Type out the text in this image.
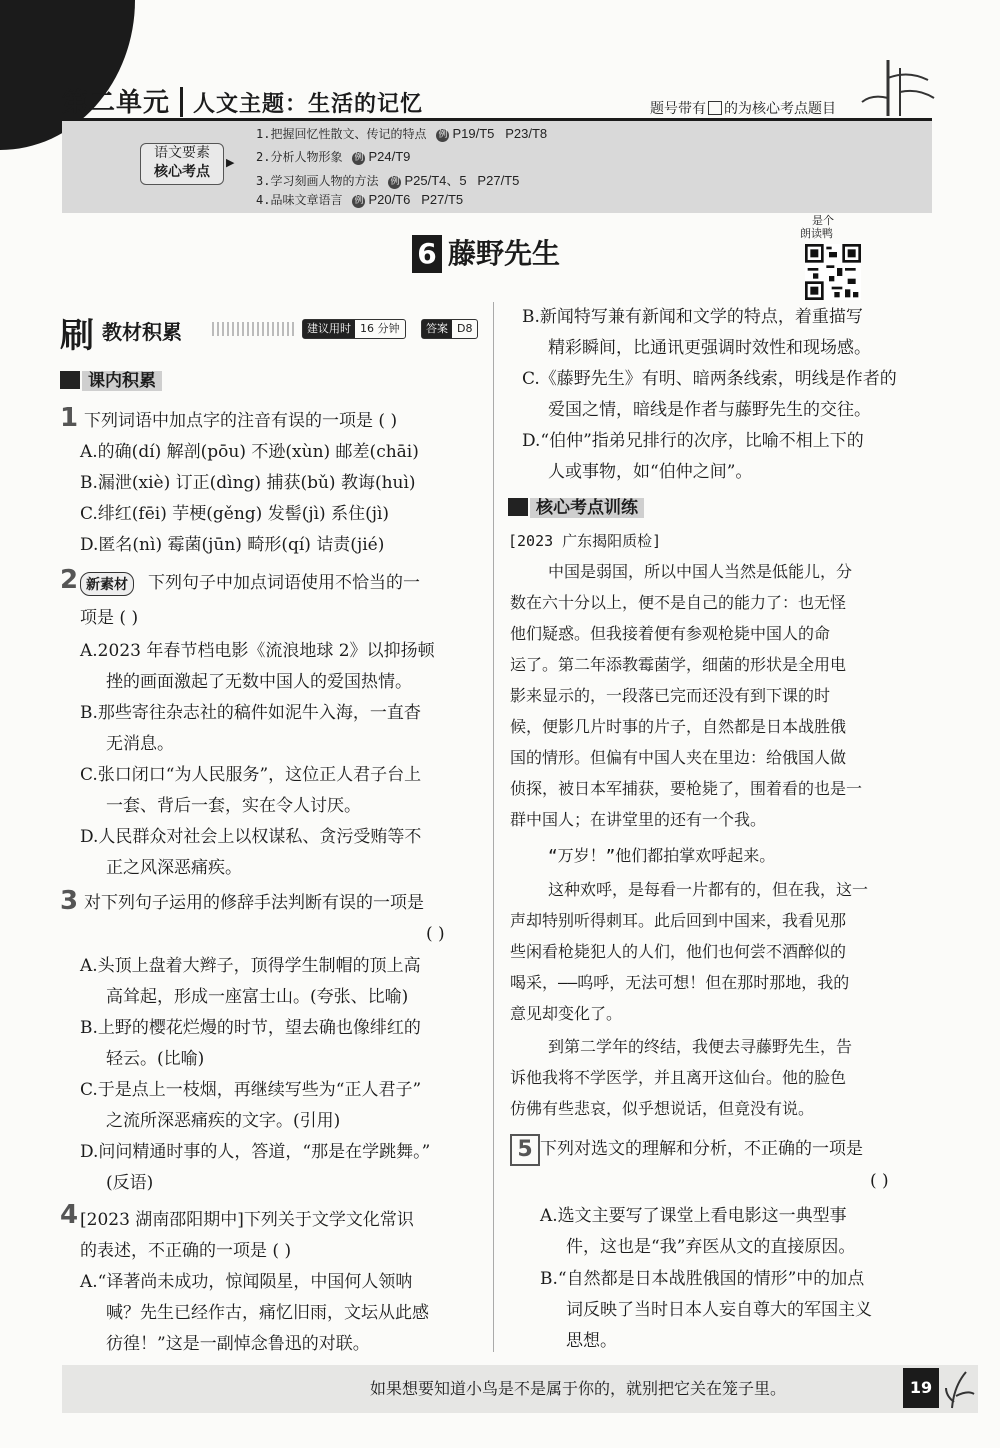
第二单元 人文主题：生活的记忆	题号带有 的为核心考点题目
语文要素
核心考点
▶
1.把握回忆性散文、传记的特点 例 P19/T5   P23/T8
2.分析人物形象 例 P24/T9
3.学习刻画人物的方法 例 P25/T4、5   P27/T5
4.品味文章语言 例 P20/T6   P27/T5
6 藤野先生
是个
朗读鸭
刷 教材积累	建议用时 16 分钟	答案 D8
课内积累
1
2 新素材
3
4
下列词语中加点字的注音有误的一项是 ( )
A.的确(dí) 解剖(pōu) 不逊(xùn) 邮差(chāi)
B.漏泄(xiè) 订正(dìng) 捕获(bǔ) 教诲(huì)
C.绯红(fēi) 芋梗(gěng) 发髻(jì) 系住(jì)
D.匿名(nì) 霉菌(jūn) 畸形(qí) 诘责(jié)
下列句子中加点词语使用不恰当的一
项是 ( )
A.2023 年春节档电影《流浪地球 2》以抑扬顿
挫的画面激起了无数中国人的爱国热情。
B.那些寄往杂志社的稿件如泥牛入海，一直杳
无消息。
C.张口闭口“为人民服务”，这位正人君子台上
一套、背后一套，实在令人讨厌。
D.人民群众对社会上以权谋私、贪污受贿等不
正之风深恶痛疾。
对下列句子运用的修辞手法判断有误的一项是
( )
A.头顶上盘着大辫子，顶得学生制帽的顶上高
高耸起，形成一座富士山。(夸张、比喻)
B.上野的樱花烂熳的时节，望去确也像绯红的
轻云。(比喻)
C.于是点上一枝烟，再继续写些为“正人君子”
之流所深恶痛疾的文字。(引用)
D.问问精通时事的人，答道，“那是在学跳舞。”
(反语)
[2023 湖南邵阳期中]下列关于文学文化常识
的表述，不正确的一项是 ( )
A.“译著尚未成功，惊闻陨星，中国何人领呐
喊？先生已经作古，痛忆旧雨，文坛从此感
彷徨！”这是一副悼念鲁迅的对联。
B.新闻特写兼有新闻和文学的特点，着重描写
精彩瞬间，比通讯更强调时效性和现场感。
C.《藤野先生》有明、暗两条线索，明线是作者的
爱国之情，暗线是作者与藤野先生的交往。
D.“伯仲”指弟兄排行的次序，比喻不相上下的
人或事物，如“伯仲之间”。
核心考点训练
[2023 广东揭阳质检]
中国是弱国，所以中国人当然是低能儿，分
数在六十分以上，便不是自己的能力了：也无怪
他们疑惑。但我接着便有参观枪毙中国人的命
运了。第二年添教霉菌学，细菌的形状是全用电
影来显示的，一段落已完而还没有到下课的时
候，便影几片时事的片子，自然都是日本战胜俄
国的情形。但偏有中国人夹在里边：给俄国人做
侦探，被日本军捕获，要枪毙了，围着看的也是一
群中国人；在讲堂里的还有一个我。
“万岁！”他们都拍掌欢呼起来。
这种欢呼，是每看一片都有的，但在我，这一
声却特别听得刺耳。此后回到中国来，我看见那
些闲看枪毙犯人的人们，他们也何尝不酒醉似的
喝采，——呜呼，无法可想！但在那时那地，我的
意见却变化了。
到第二学年的终结，我便去寻藤野先生，告
诉他我将不学医学，并且离开这仙台。他的脸色
仿佛有些悲哀，似乎想说话，但竟没有说。
5 下列对选文的理解和分析，不正确的一项是
( )
A.选文主要写了课堂上看电影这一典型事
件，这也是“我”弃医从文的直接原因。
B.“自然都是日本战胜俄国的情形”中的加点
词反映了当时日本人妄自尊大的军国主义
思想。
如果想要知道小鸟是不是属于你的，就别把它关在笼子里。	19
